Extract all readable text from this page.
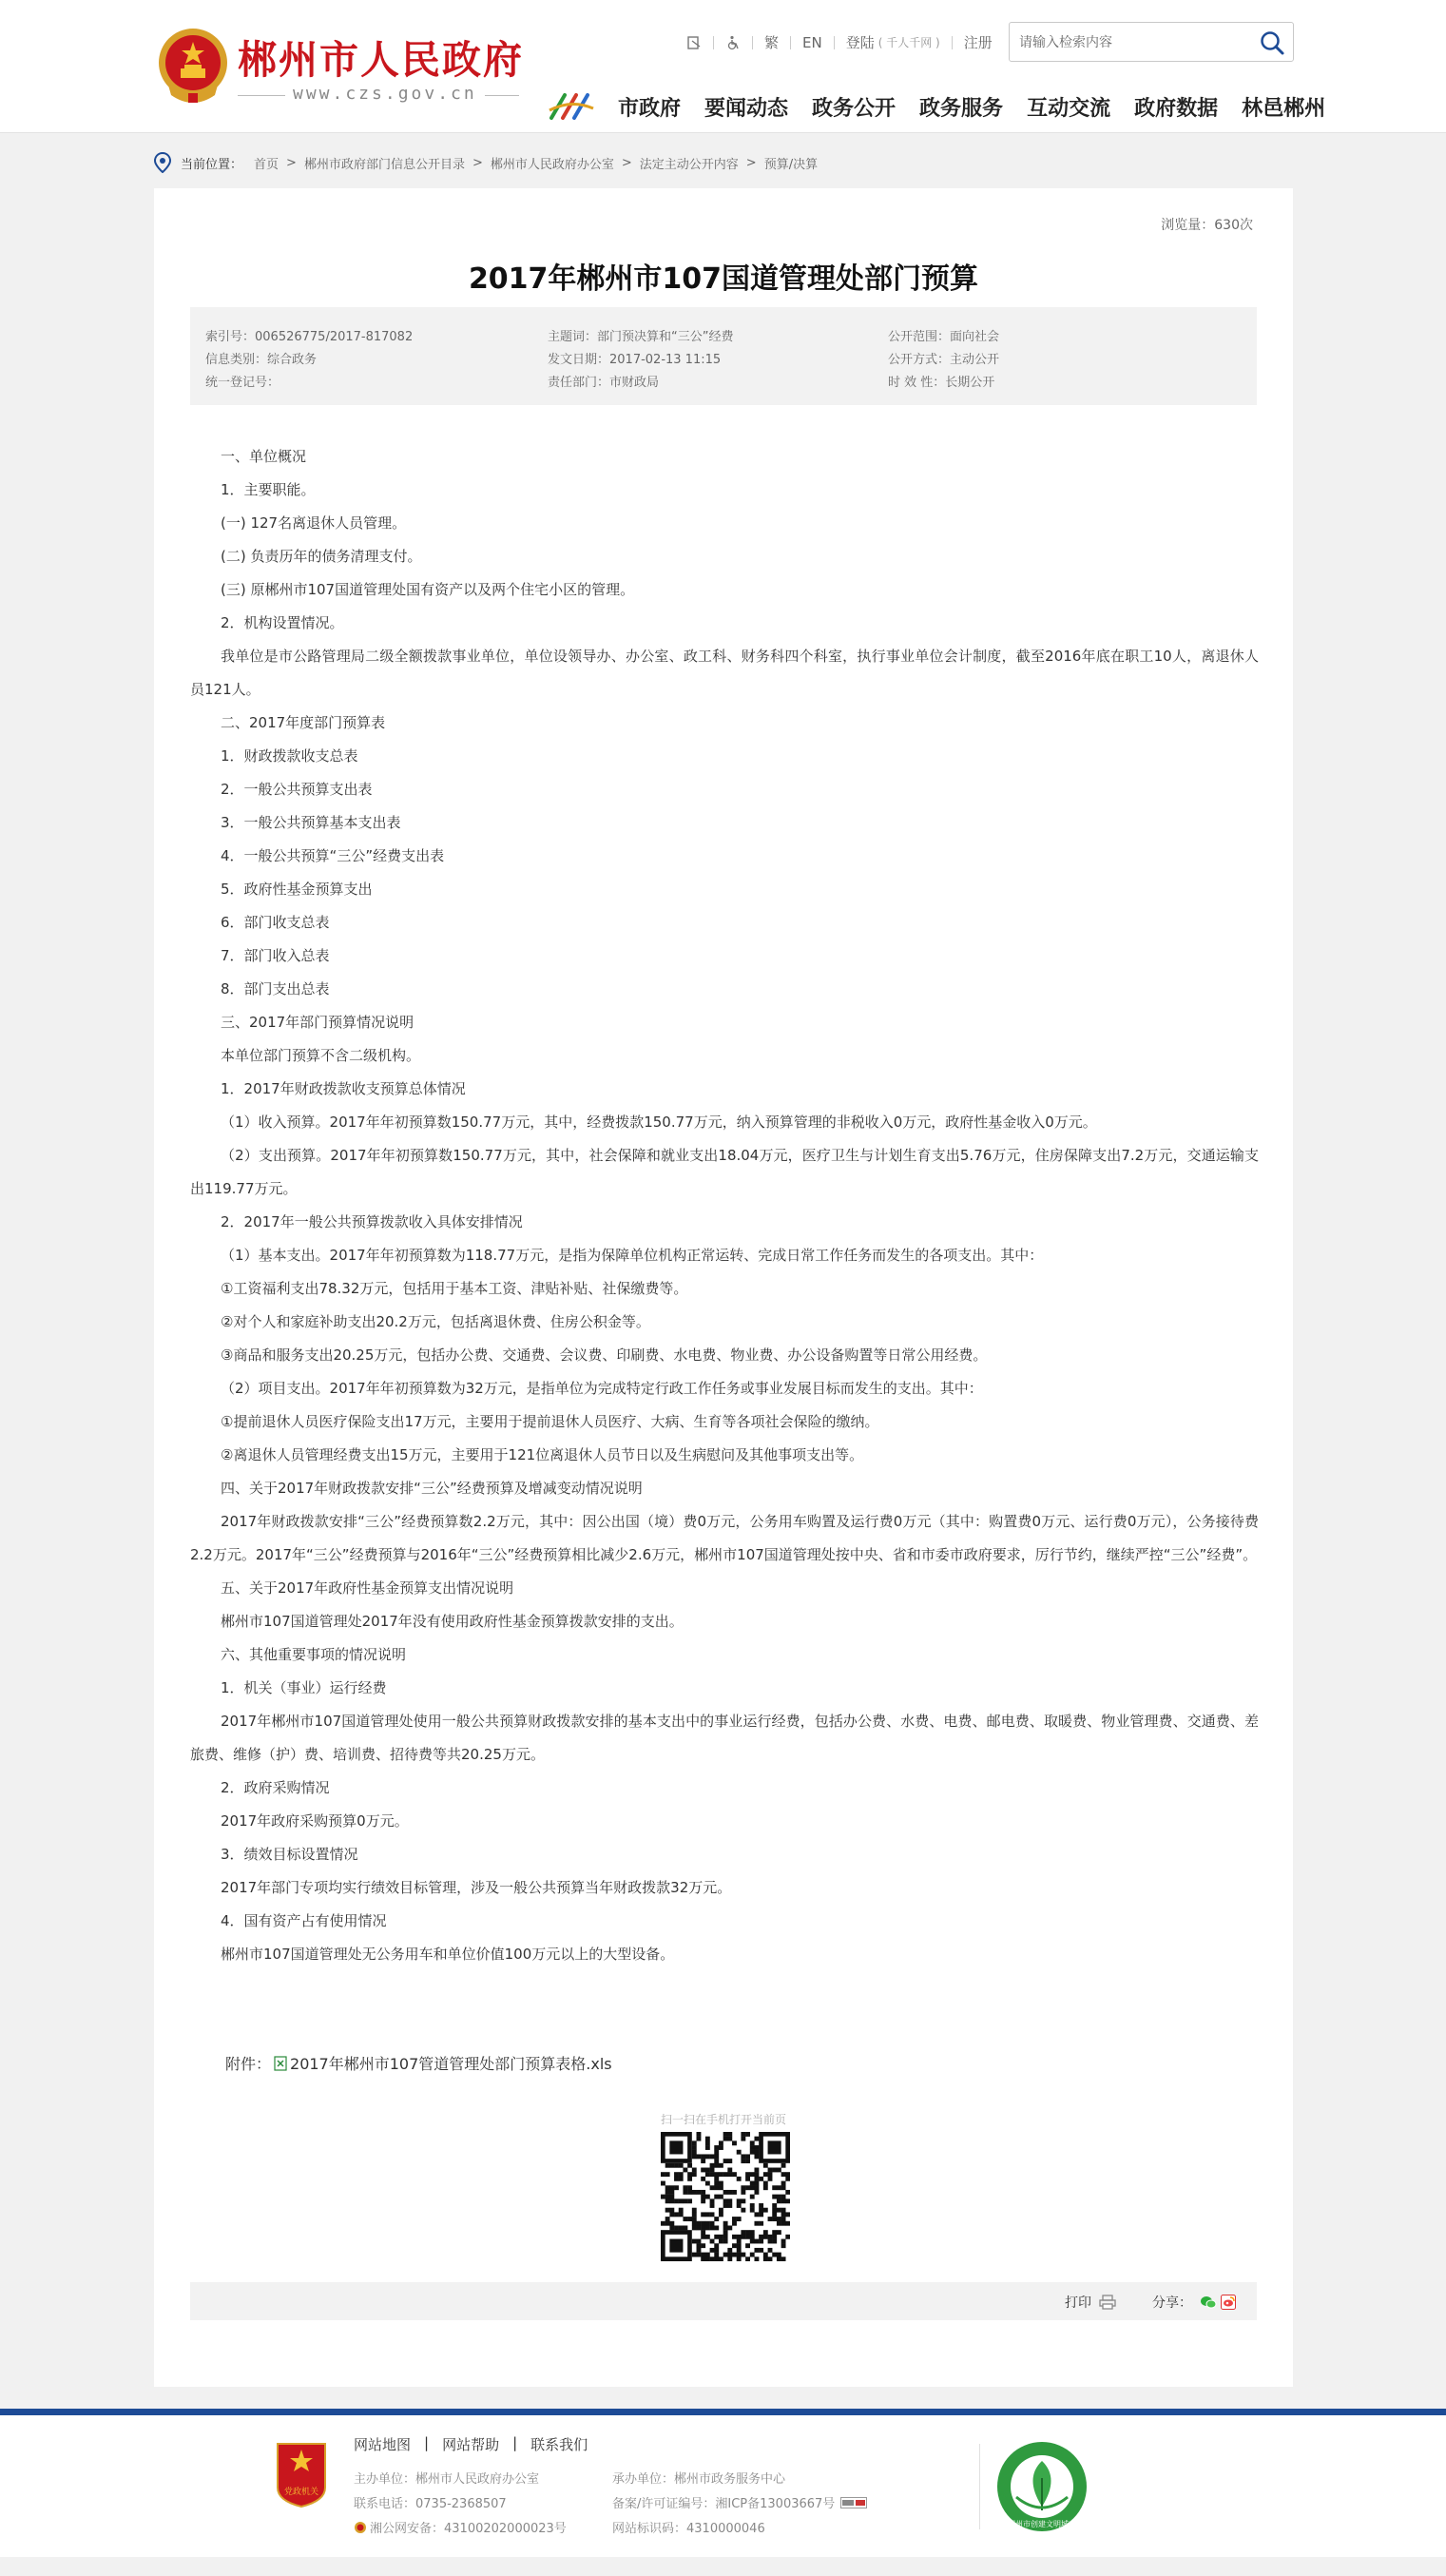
郴州市人民政府
www.czs.gov.cn
繁 EN 登陆 ( 千人千网 ) 注册
请输入检索内容
市政府 要闻动态 政务公开 政务服务 互动交流 政府数据 林邑郴州
当前位置： 首页 > 郴州市政府部门信息公开目录 > 郴州市人民政府办公室 > 法定主动公开内容 > 预算/决算
浏览量：630次
2017年郴州市107国道管理处部门预算
索引号：006526775/2017-817082	主题词：部门预决算和“三公”经费	公开范围：面向社会
信息类别：综合政务	发文日期：2017-02-13 11:15	公开方式：主动公开
统一登记号：	责任部门：市财政局	时 效 性：长期公开

一、单位概况

1．主要职能。

(一) 127名离退休人员管理。

(二) 负责历年的债务清理支付。

(三) 原郴州市107国道管理处国有资产以及两个住宅小区的管理。

2．机构设置情况。

我单位是市公路管理局二级全额拨款事业单位，单位设领导办、办公室、政工科、财务科四个科室，执行事业单位会计制度，截至2016年底在职工10人，离退休人员121人。

二、2017年度部门预算表

1．财政拨款收支总表

2．一般公共预算支出表

3．一般公共预算基本支出表

4．一般公共预算“三公”经费支出表

5．政府性基金预算支出

6．部门收支总表

7．部门收入总表

8．部门支出总表

三、2017年部门预算情况说明

本单位部门预算不含二级机构。

1．2017年财政拨款收支预算总体情况

（1）收入预算。2017年年初预算数150.77万元，其中，经费拨款150.77万元，纳入预算管理的非税收入0万元，政府性基金收入0万元。

（2）支出预算。2017年年初预算数150.77万元，其中，社会保障和就业支出18.04万元，医疗卫生与计划生育支出5.76万元，住房保障支出7.2万元，交通运输支出119.77万元。

2．2017年一般公共预算拨款收入具体安排情况

（1）基本支出。2017年年初预算数为118.77万元，是指为保障单位机构正常运转、完成日常工作任务而发生的各项支出。其中：

①工资福利支出78.32万元，包括用于基本工资、津贴补贴、社保缴费等。

②对个人和家庭补助支出20.2万元，包括离退休费、住房公积金等。

③商品和服务支出20.25万元，包括办公费、交通费、会议费、印刷费、水电费、物业费、办公设备购置等日常公用经费。

（2）项目支出。2017年年初预算数为32万元，是指单位为完成特定行政工作任务或事业发展目标而发生的支出。其中：

①提前退休人员医疗保险支出17万元，主要用于提前退休人员医疗、大病、生育等各项社会保险的缴纳。

②离退休人员管理经费支出15万元，主要用于121位离退休人员节日以及生病慰问及其他事项支出等。

四、关于2017年财政拨款安排“三公”经费预算及增减变动情况说明

2017年财政拨款安排“三公”经费预算数2.2万元，其中：因公出国（境）费0万元，公务用车购置及运行费0万元（其中：购置费0万元、运行费0万元），公务接待费2.2万元。2017年“三公”经费预算与2016年“三公”经费预算相比减少2.6万元，郴州市107国道管理处按中央、省和市委市政府要求，厉行节约，继续严控“三公”经费”。

五、关于2017年政府性基金预算支出情况说明

郴州市107国道管理处2017年没有使用政府性基金预算拨款安排的支出。

六、其他重要事项的情况说明

1．机关（事业）运行经费

2017年郴州市107国道管理处使用一般公共预算财政拨款安排的基本支出中的事业运行经费，包括办公费、水费、电费、邮电费、取暖费、物业管理费、交通费、差旅费、维修（护）费、培训费、招待费等共20.25万元。

2．政府采购情况

2017年政府采购预算0万元。

3．绩效目标设置情况

2017年部门专项均实行绩效目标管理，涉及一般公共预算当年财政拨款32万元。

4．国有资产占有使用情况

郴州市107国道管理处无公务用车和单位价值100万元以上的大型设备。

附件： 2017年郴州市107管道管理处部门预算表格.xls
扫一扫在手机打开当前页
打印	分享：
党政机关
网站地图 | 网站帮助 | 联系我们
主办单位：郴州市人民政府办公室	承办单位：郴州市政务服务中心
联系电话：0735-2368507	备案/许可证编号：湘ICP备13003667号
湘公网安备：43100202000023号	网站标识码：4310000046	郴州市创建文明城市
